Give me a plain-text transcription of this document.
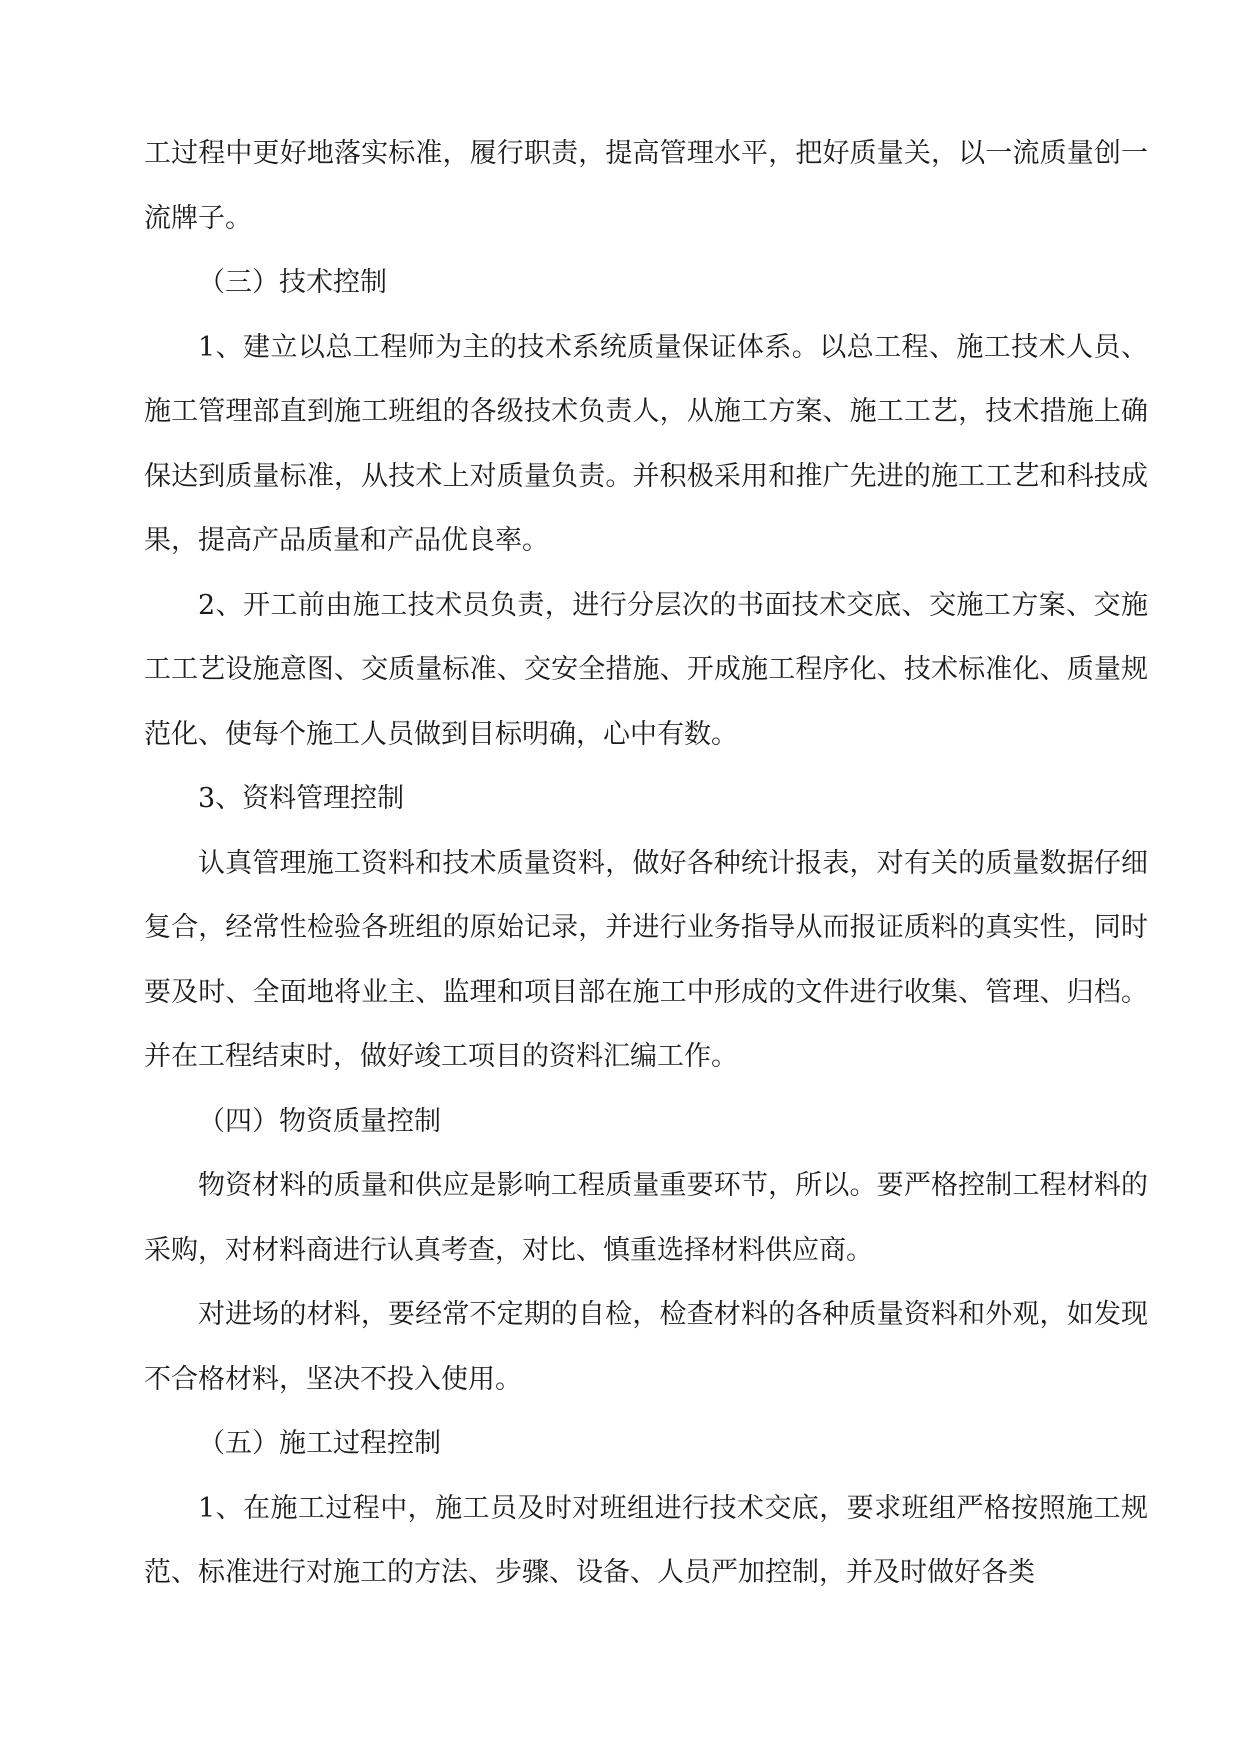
工过程中更好地落实标准，履行职责，提高管理水平，把好质量关，以一流质量创一流牌子。

（三）技术控制

1、建立以总工程师为主的技术系统质量保证体系。以总工程、施工技术人员、施工管理部直到施工班组的各级技术负责人，从施工方案、施工工艺，技术措施上确保达到质量标准，从技术上对质量负责。并积极采用和推广先进的施工工艺和科技成果，提高产品质量和产品优良率。

2、开工前由施工技术员负责，进行分层次的书面技术交底、交施工方案、交施工工艺设施意图、交质量标准、交安全措施、开成施工程序化、技术标准化、质量规范化、使每个施工人员做到目标明确，心中有数。

3、资料管理控制

认真管理施工资料和技术质量资料，做好各种统计报表，对有关的质量数据仔细复合，经常性检验各班组的原始记录，并进行业务指导从而报证质料的真实性，同时要及时、全面地将业主、监理和项目部在施工中形成的文件进行收集、管理、归档。并在工程结束时，做好竣工项目的资料汇编工作。

（四）物资质量控制

物资材料的质量和供应是影响工程质量重要环节，所以。要严格控制工程材料的采购，对材料商进行认真考查，对比、慎重选择材料供应商。

对进场的材料，要经常不定期的自检，检查材料的各种质量资料和外观，如发现不合格材料，坚决不投入使用。

（五）施工过程控制

1、在施工过程中，施工员及时对班组进行技术交底，要求班组严格按照施工规范、标准进行对施工的方法、步骤、设备、人员严加控制，并及时做好各类
